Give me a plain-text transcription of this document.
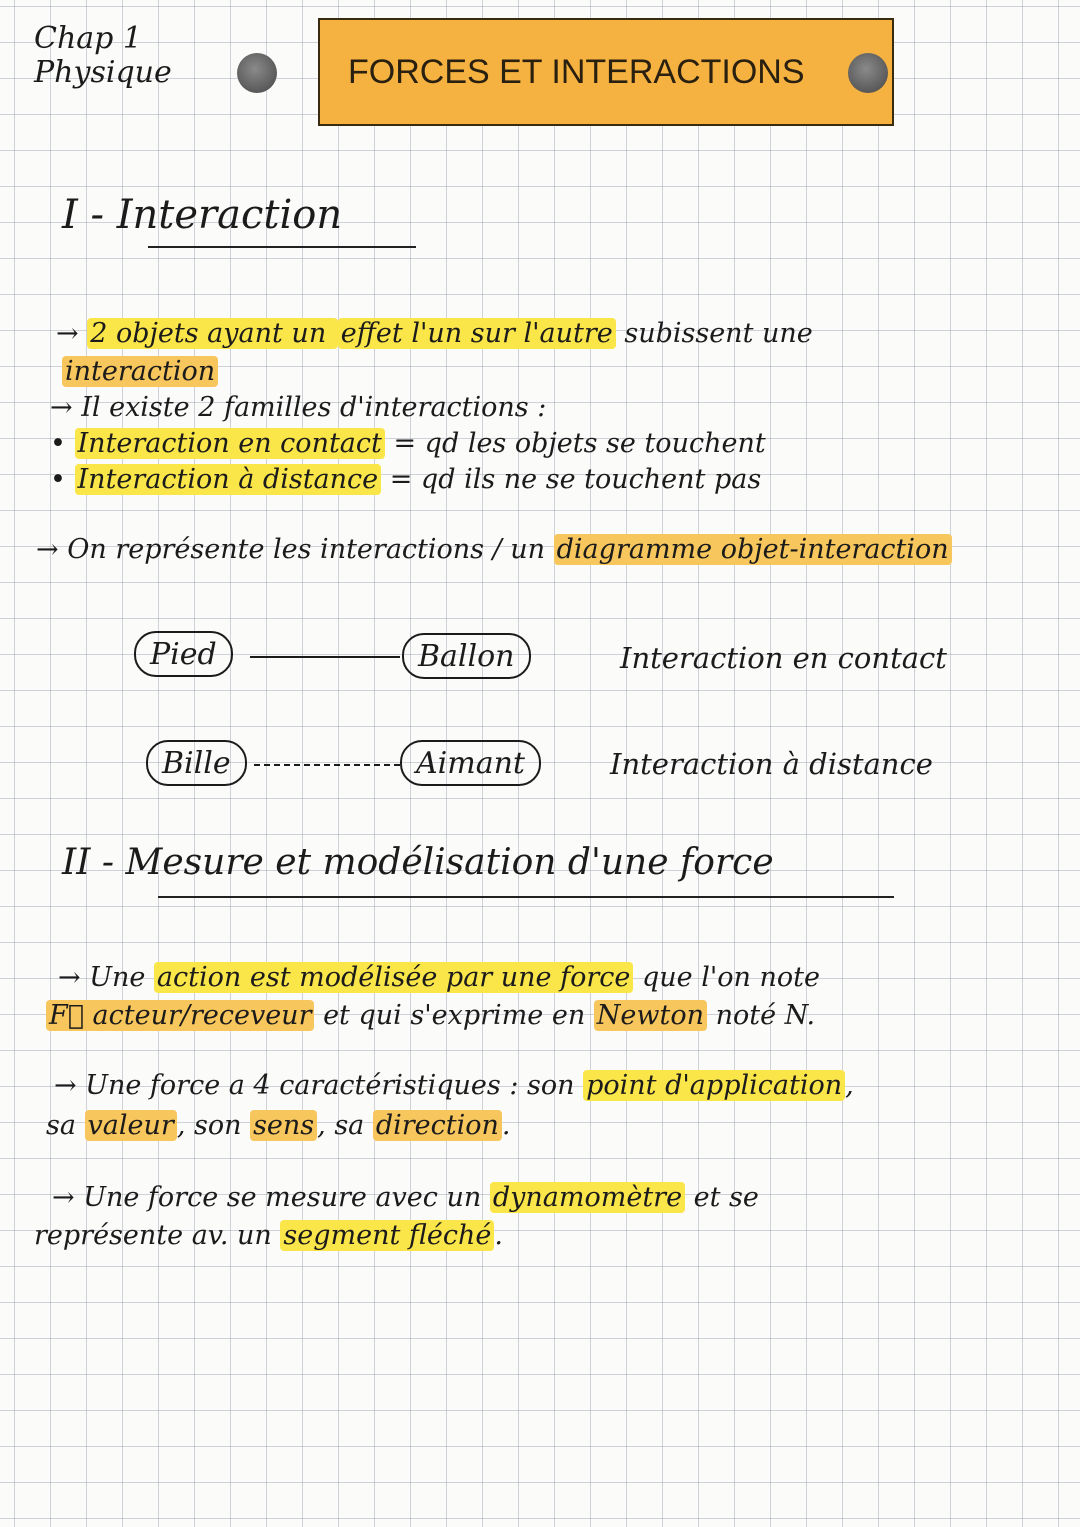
Chap 1
Physique	FORCES ET INTERACTIONS
I - Interaction
→ 2 objets ayant un effet l'un sur l'autre subissent une
interaction
→ Il existe 2 familles d'interactions :
• Interaction en contact = qd les objets se touchent
• Interaction à distance = qd ils ne se touchent pas
→ On représente les interactions / un diagramme objet-interaction
Pied	Ballon	Interaction en contact
Bille	Aimant	Interaction à distance
II - Mesure et modélisation d'une force
→ Une action est modélisée par une force que l'on note
F⃗ acteur/receveur et qui s'exprime en Newton noté N.
→ Une force a 4 caractéristiques : son point d'application ,
sa valeur , son sens , sa direction .
→ Une force se mesure avec un dynamomètre et se
représente av. un segment fléché .
